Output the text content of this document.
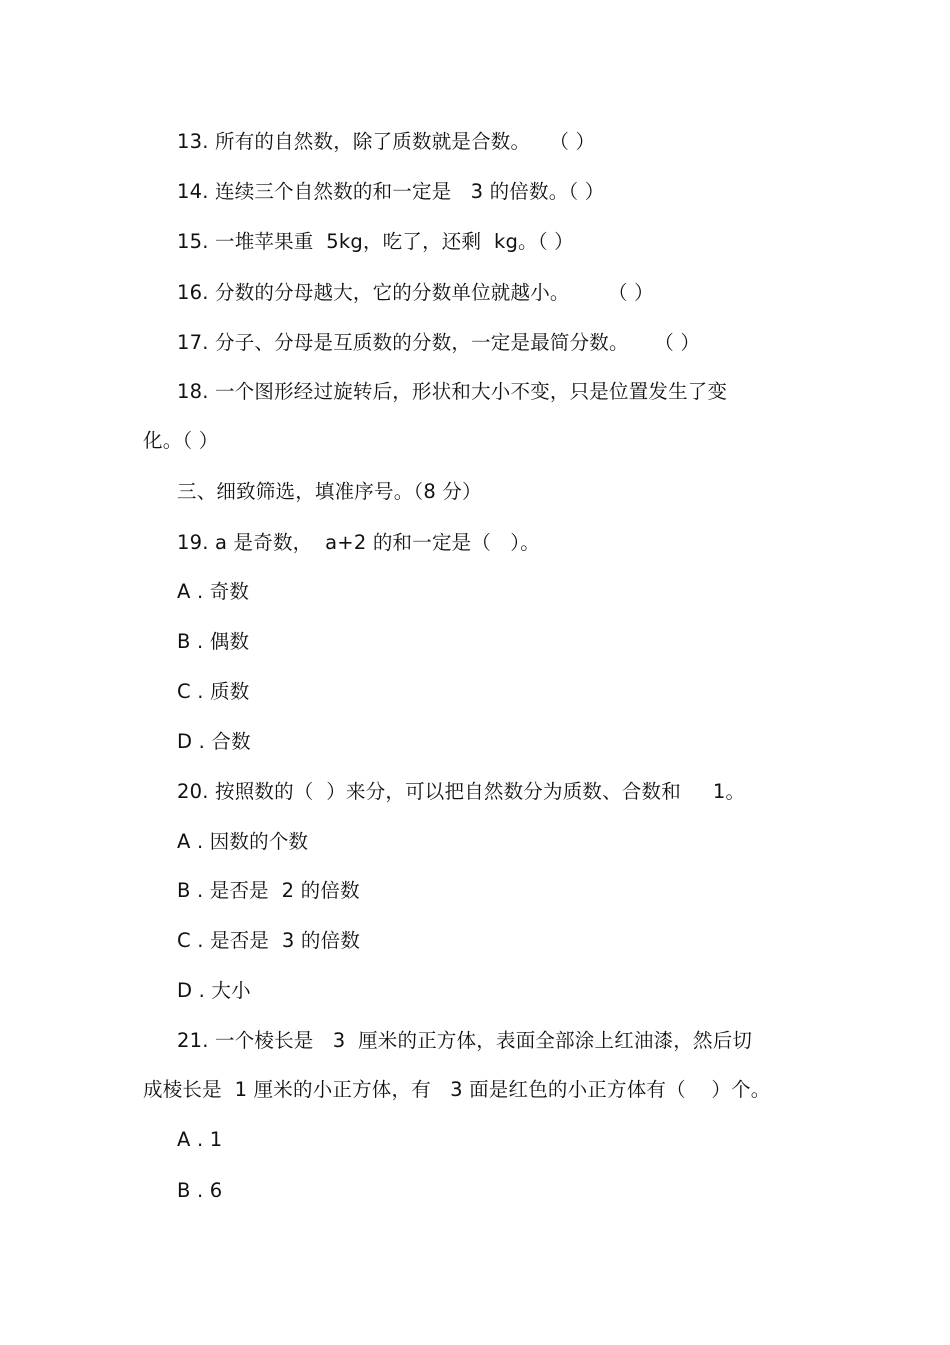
13. 所有的自然数，除了质数就是合数。   （ ）
14. 连续三个自然数的和一定是   3 的倍数。（ ）
15. 一堆苹果重  5kg，吃了，还剩  kg。（ ）
16. 分数的分母越大，它的分数单位就越小。      （ ）
17. 分子、分母是互质数的分数，一定是最简分数。    （ ）
18. 一个图形经过旋转后，形状和大小不变，只是位置发生了变
化。（ ）
三、细致筛选，填准序号。（8 分）
19. a 是奇数，  a+2 的和一定是（   ）。
A . 奇数
B . 偶数
C . 质数
D . 合数
20. 按照数的（  ）来分，可以把自然数分为质数、合数和     1。
A . 因数的个数
B . 是否是  2 的倍数
C . 是否是  3 的倍数
D . 大小
21. 一个棱长是   3  厘米的正方体，表面全部涂上红油漆，然后切
成棱长是  1 厘米的小正方体，有   3 面是红色的小正方体有（    ）个。
A . 1
B . 6
